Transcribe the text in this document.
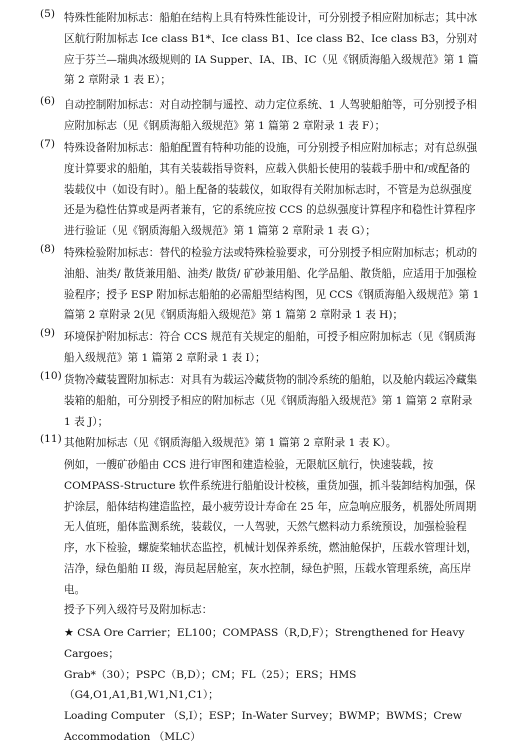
(5) 特殊性能附加标志：船舶在结构上具有特殊性能设计，可分别授予相应附加标志；其中冰区航行附加标志 Ice class B1*、Ice class B1、Ice class B2、Ice class B3，分别对应于芬兰—瑞典冰级规则的 IA Supper、IA、IB、IC（见《钢质海船入级规范》第 1 篇第 2 章附录 1 表 E）；
(6) 自动控制附加标志：对自动控制与遥控、动力定位系统、1 人驾驶船舶等，可分别授予相应附加标志（见《钢质海船入级规范》第 1 篇第 2 章附录 1 表 F）；
(7) 特殊设备附加标志：船舶配置有特种功能的设施，可分别授予相应附加标志；对有总纵强度计算要求的船舶，其有关装载指导资料，应载入供船长使用的装载手册中和/或配备的装载仪中（如设有时）。船上配备的装载仪，如取得有关附加标志时，不管是为总纵强度还是为稳性估算或是两者兼有，它的系统应按 CCS 的总纵强度计算程序和稳性计算程序进行验证（见《钢质海船入级规范》第 1 篇第 2 章附录 1 表 G）；
(8) 特殊检验附加标志：替代的检验方法或特殊检验要求，可分别授予相应附加标志；机动的油船、油类/ 散货兼用船、油类/ 散货/ 矿砂兼用船、化学品船、散货船，应适用于加强检验程序；授予 ESP 附加标志船舶的必需船型结构图，见 CCS《钢质海船入级规范》第 1 篇第 2 章附录 2(见《钢质海船入级规范》第 1 篇第 2 章附录 1 表 H)；
(9) 环境保护附加标志：符合 CCS 规范有关规定的船舶，可授予相应附加标志（见《钢质海船入级规范》第 1 篇第 2 章附录 1 表 I）；
(10) 货物冷藏装置附加标志：对具有为载运冷藏货物的制冷系统的船舶，以及舱内载运冷藏集装箱的船舶，可分别授予相应的附加标志（见《钢质海船入级规范》第 1 篇第 2 章附录 1 表 J）；
(11) 其他附加标志（见《钢质海船入级规范》第 1 篇第 2 章附录 1 表 K）。
例如，一艘矿砂船由 CCS 进行审图和建造检验，无限航区航行，快速装载，按 COMPASS-Structure 软件系统进行船舶设计校核，重货加强，抓斗装卸结构加强，保护涂层，船体结构建造监控，最小疲劳设计寿命在 25 年，应急响应服务，机器处所周期无人值班，船体监测系统，装载仪，一人驾驶，天然气燃料动力系统预设，加强检验程序，水下检验，螺旋桨轴状态监控，机械计划保养系统，燃油舱保护，压载水管理计划，洁净，绿色船舶 II 级，海员起居舱室，灰水控制，绿色护照，压载水管理系统，高压岸电。
授予下列入级符号及附加标志：
★ CSA Ore Carrier；EL100；COMPASS（R,D,F）；Strengthened for Heavy Cargoes；
Grab*（30）；PSPC（B,D）；CM；FL（25）；ERS；HMS（G4,O1,A1,B1,W1,N1,C1）；
Loading Computer （S,I）；ESP；In-Water Survey；BWMP；BWMS；Crew
Accommodation （MLC）
